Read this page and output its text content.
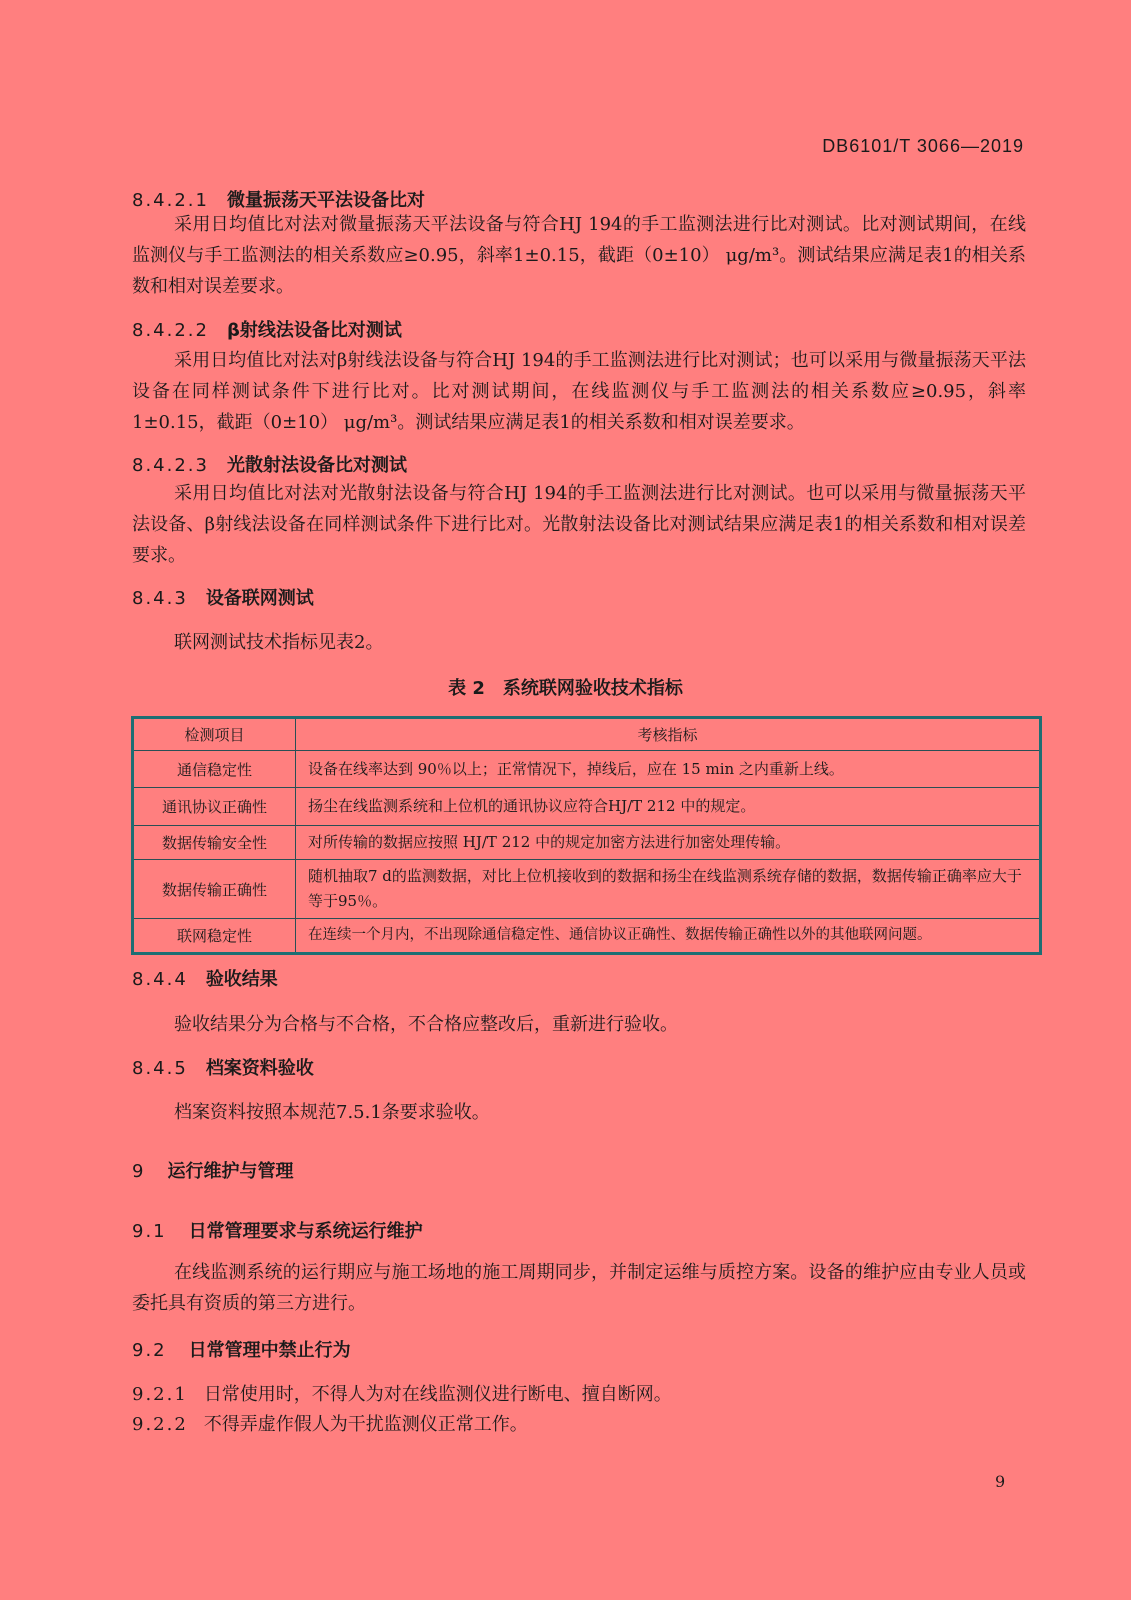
DB6101/T 3066—2019
8.4.2.1 微量振荡天平法设备比对

采用日均值比对法对微量振荡天平法设备与符合HJ 194的手工监测法进行比对测试。比对测试期间，在线监测仪与手工监测法的相关系数应≥0.95，斜率1±0.15，截距（0±10） μg/m³。测试结果应满足表1的相关系数和相对误差要求。

8.4.2.2 β射线法设备比对测试

采用日均值比对法对β射线法设备与符合HJ 194的手工监测法进行比对测试；也可以采用与微量振荡天平法设备在同样测试条件下进行比对。比对测试期间，在线监测仪与手工监测法的相关系数应≥0.95，斜率1±0.15，截距（0±10） μg/m³。测试结果应满足表1的相关系数和相对误差要求。

8.4.2.3 光散射法设备比对测试

采用日均值比对法对光散射法设备与符合HJ 194的手工监测法进行比对测试。也可以采用与微量振荡天平法设备、β射线法设备在同样测试条件下进行比对。光散射法设备比对测试结果应满足表1的相关系数和相对误差要求。

8.4.3 设备联网测试
联网测试技术指标见表2。
表 2　系统联网验收技术指标
检测项目	考核指标
通信稳定性	设备在线率达到 90％以上；正常情况下，掉线后，应在 15 min 之内重新上线。
通讯协议正确性	扬尘在线监测系统和上位机的通讯协议应符合HJ/T 212 中的规定。
数据传输安全性	对所传输的数据应按照 HJ/T 212 中的规定加密方法进行加密处理传输。
数据传输正确性	随机抽取7 d的监测数据，对比上位机接收到的数据和扬尘在线监测系统存储的数据，数据传输正确率应大于等于95％。
联网稳定性	在连续一个月内，不出现除通信稳定性、通信协议正确性、数据传输正确性以外的其他联网问题。
8.4.4 验收结果
验收结果分为合格与不合格，不合格应整改后，重新进行验收。
8.4.5 档案资料验收
档案资料按照本规范7.5.1条要求验收。
9 运行维护与管理
9.1 日常管理要求与系统运行维护

在线监测系统的运行期应与施工场地的施工周期同步，并制定运维与质控方案。设备的维护应由专业人员或委托具有资质的第三方进行。

9.2 日常管理中禁止行为
9.2.1 日常使用时，不得人为对在线监测仪进行断电、擅自断网。
9.2.2 不得弄虚作假人为干扰监测仪正常工作。
9
